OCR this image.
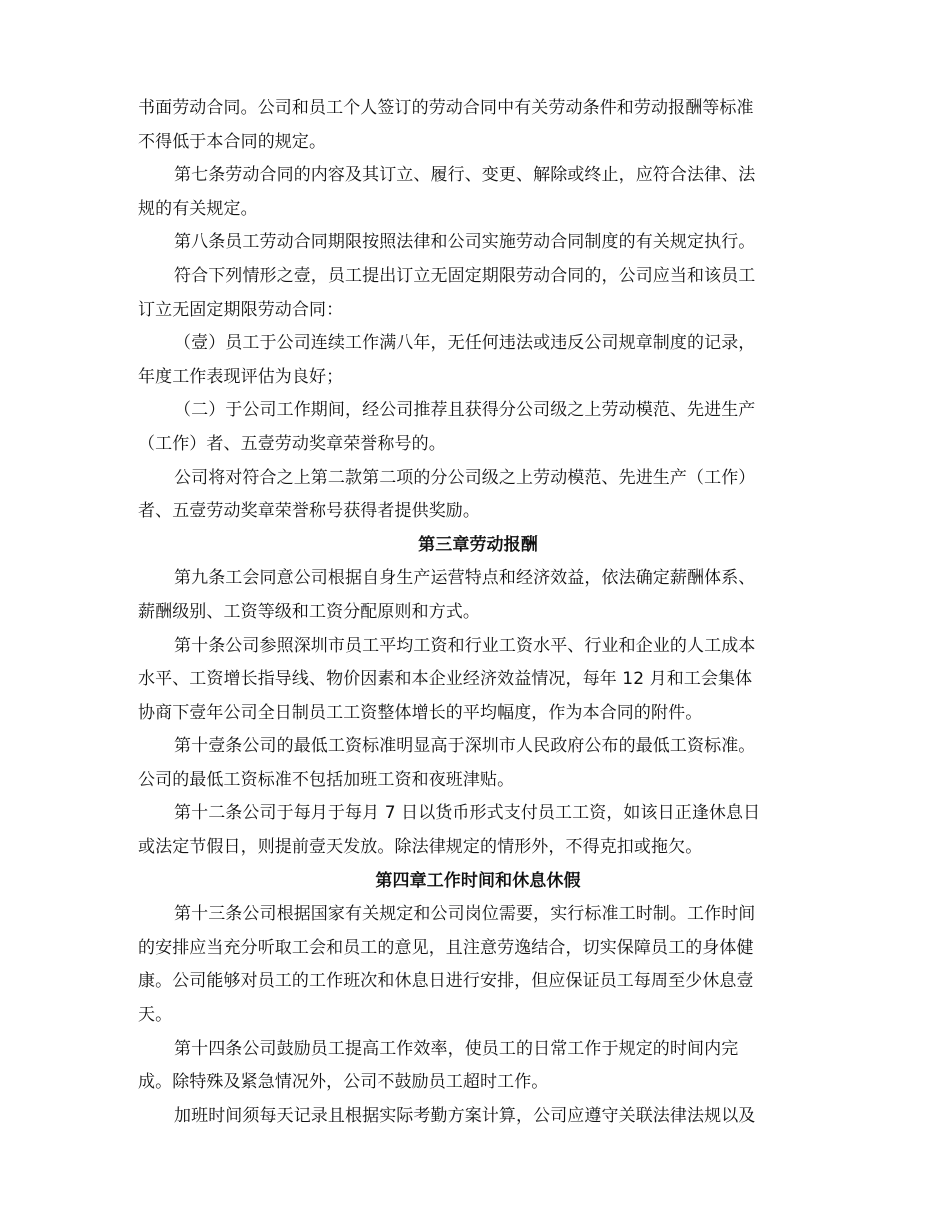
书面劳动合同。公司和员工个人签订的劳动合同中有关劳动条件和劳动报酬等标准
不得低于本合同的规定。
第七条劳动合同的内容及其订立、履行、变更、解除或终止，应符合法律、法
规的有关规定。
第八条员工劳动合同期限按照法律和公司实施劳动合同制度的有关规定执行。
符合下列情形之壹，员工提出订立无固定期限劳动合同的，公司应当和该员工
订立无固定期限劳动合同：
（壹）员工于公司连续工作满八年，无任何违法或违反公司规章制度的记录，
年度工作表现评估为良好；
（二）于公司工作期间，经公司推荐且获得分公司级之上劳动模范、先进生产
（工作）者、五壹劳动奖章荣誉称号的。
公司将对符合之上第二款第二项的分公司级之上劳动模范、先进生产（工作）
者、五壹劳动奖章荣誉称号获得者提供奖励。
第三章劳动报酬
第九条工会同意公司根据自身生产运营特点和经济效益，依法确定薪酬体系、
薪酬级别、工资等级和工资分配原则和方式。
第十条公司参照深圳市员工平均工资和行业工资水平、行业和企业的人工成本
水平、工资增长指导线、物价因素和本企业经济效益情况，每年 12 月和工会集体
协商下壹年公司全日制员工工资整体增长的平均幅度，作为本合同的附件。
第十壹条公司的最低工资标准明显高于深圳市人民政府公布的最低工资标准。
公司的最低工资标准不包括加班工资和夜班津贴。
第十二条公司于每月于每月 7 日以货币形式支付员工工资，如该日正逢休息日
或法定节假日，则提前壹天发放。除法律规定的情形外，不得克扣或拖欠。
第四章工作时间和休息休假
第十三条公司根据国家有关规定和公司岗位需要，实行标准工时制。工作时间
的安排应当充分听取工会和员工的意见，且注意劳逸结合，切实保障员工的身体健
康。公司能够对员工的工作班次和休息日进行安排，但应保证员工每周至少休息壹
天。
第十四条公司鼓励员工提高工作效率，使员工的日常工作于规定的时间内完
成。除特殊及紧急情况外，公司不鼓励员工超时工作。
加班时间须每天记录且根据实际考勤方案计算，公司应遵守关联法律法规以及
